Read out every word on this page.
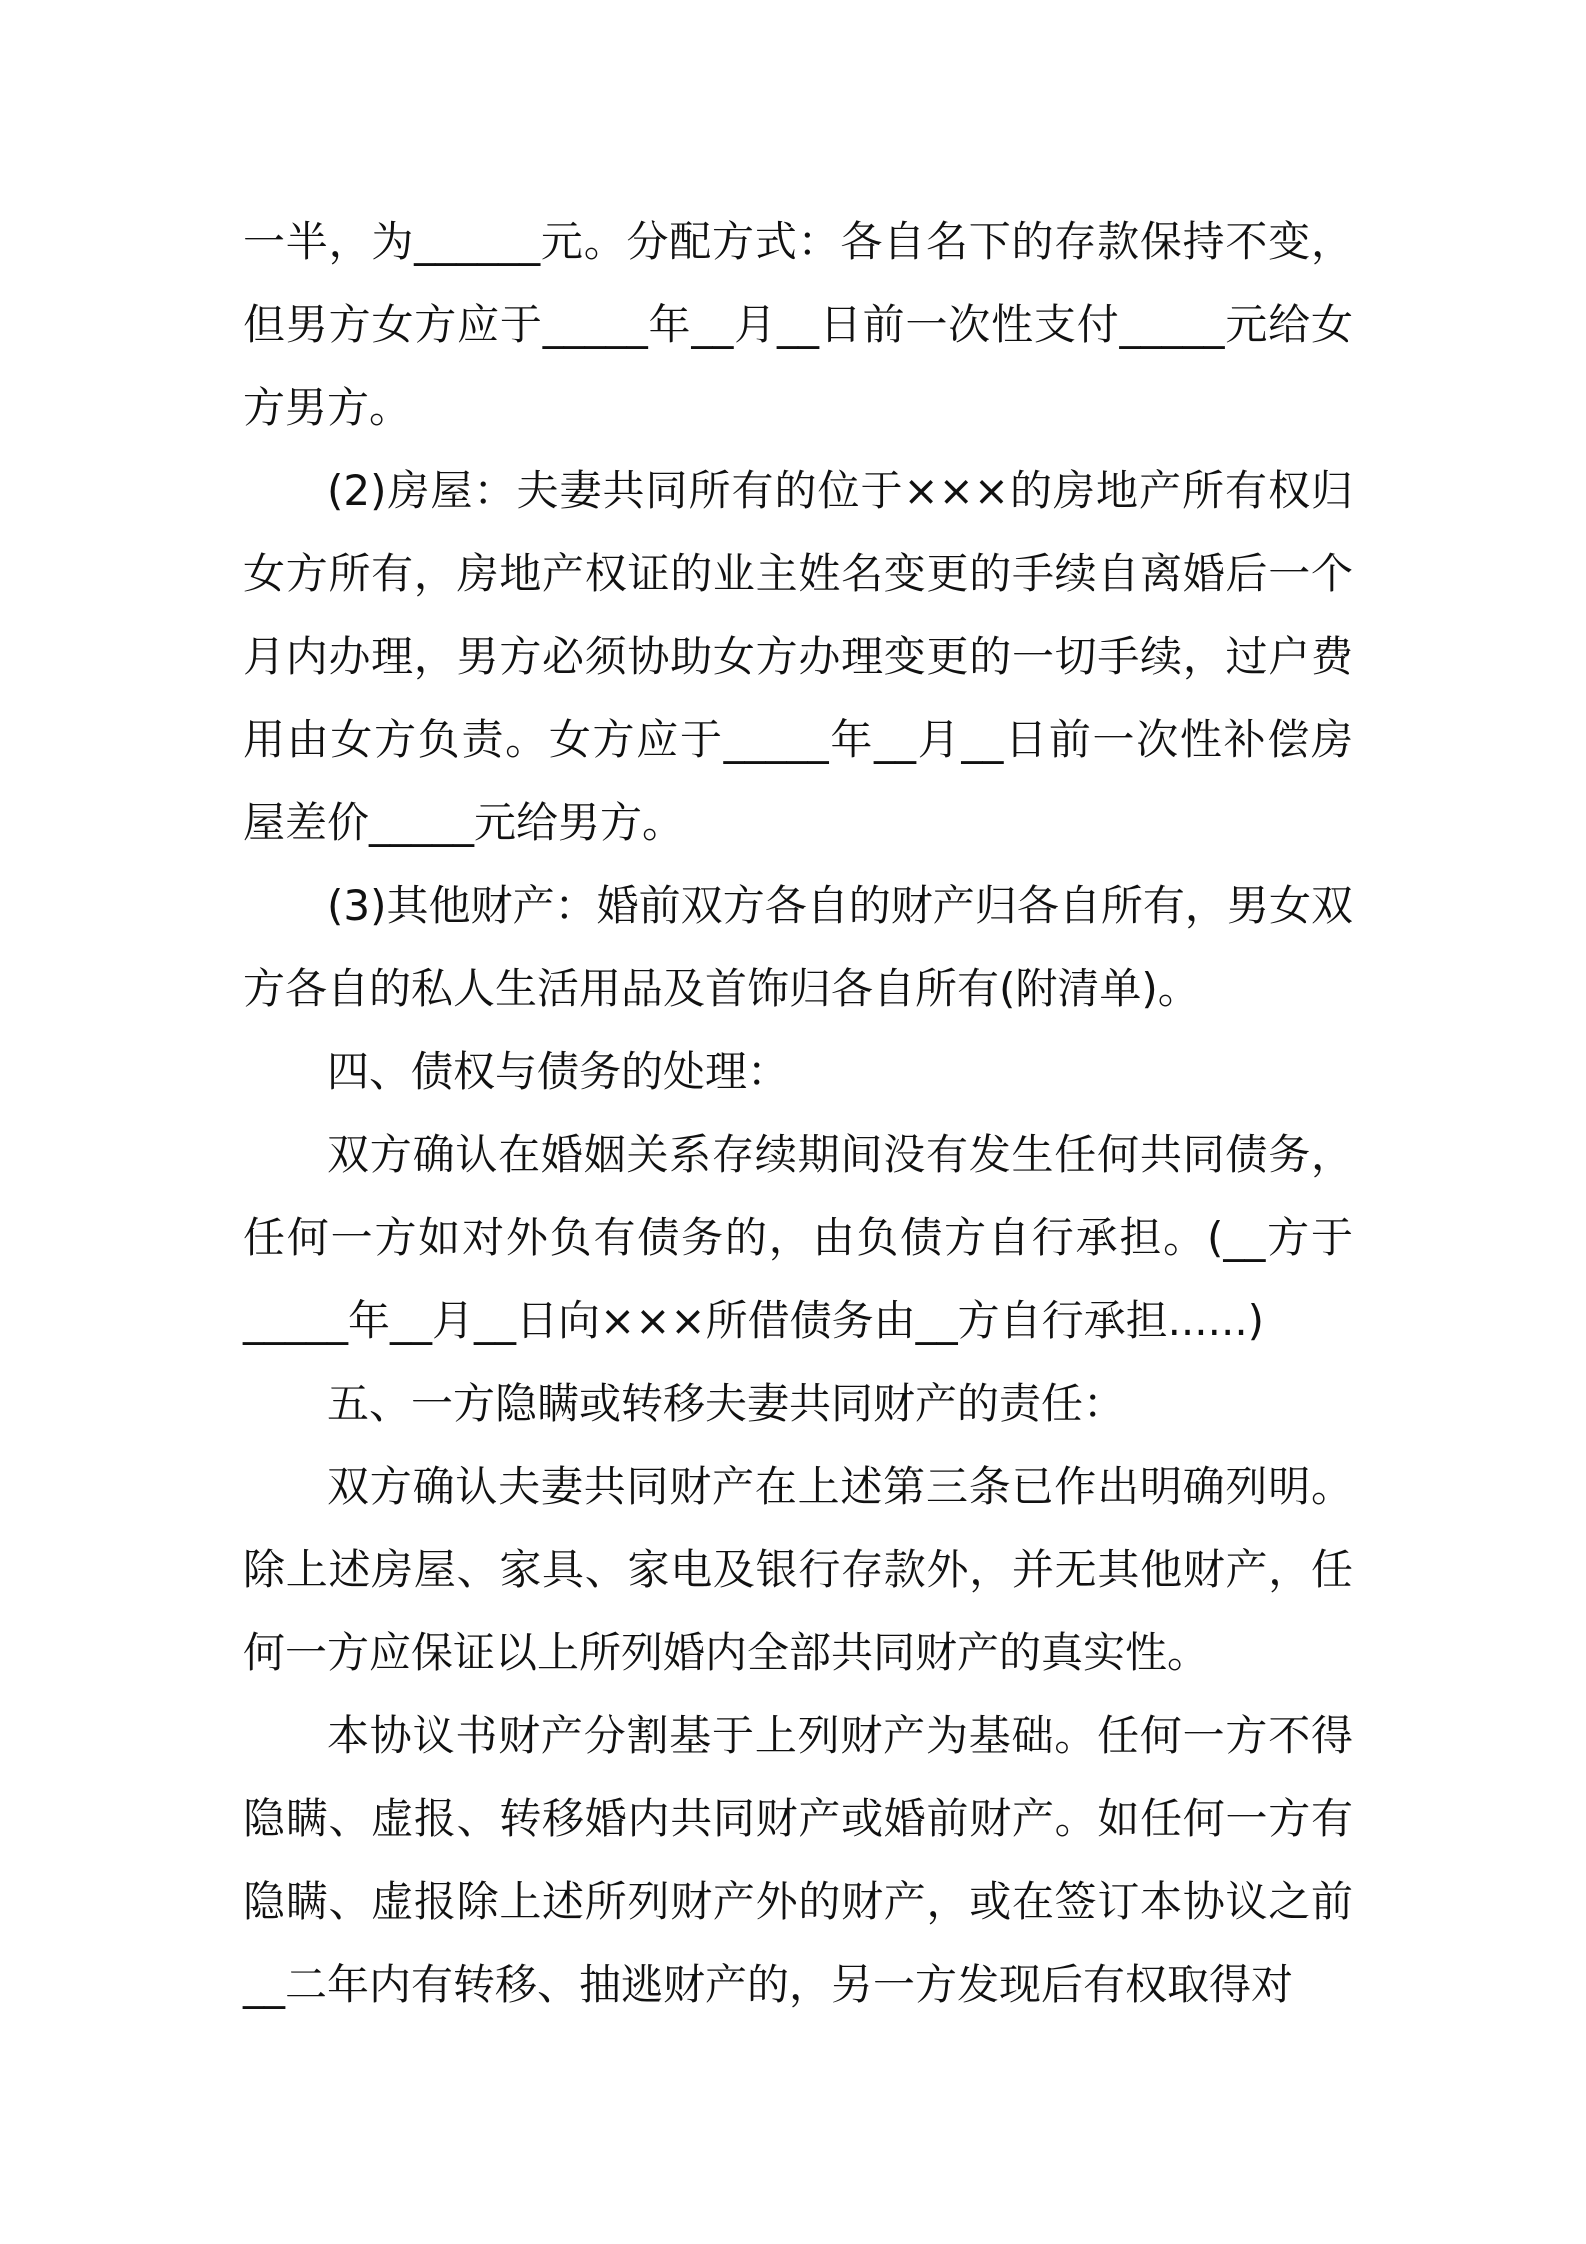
一半，为______元。分配方式：各自名下的存款保持不变，但男方女方应于_____年__月__日前一次性支付_____元给女方男方。

(2)房屋：夫妻共同所有的位于×××的房地产所有权归女方所有，房地产权证的业主姓名变更的手续自离婚后一个月内办理，男方必须协助女方办理变更的一切手续，过户费用由女方负责。女方应于_____年__月__日前一次性补偿房屋差价_____元给男方。

(3)其他财产：婚前双方各自的财产归各自所有，男女双方各自的私人生活用品及首饰归各自所有(附清单)。

四、债权与债务的处理：

双方确认在婚姻关系存续期间没有发生任何共同债务，任何一方如对外负有债务的，由负债方自行承担。(__方于_____年__月__日向×××所借债务由__方自行承担......)

五、一方隐瞒或转移夫妻共同财产的责任：

双方确认夫妻共同财产在上述第三条已作出明确列明。除上述房屋、家具、家电及银行存款外，并无其他财产，任何一方应保证以上所列婚内全部共同财产的真实性。

本协议书财产分割基于上列财产为基础。任何一方不得隐瞒、虚报、转移婚内共同财产或婚前财产。如任何一方有隐瞒、虚报除上述所列财产外的财产，或在签订本协议之前__二年内有转移、抽逃财产的，另一方发现后有权取得对
